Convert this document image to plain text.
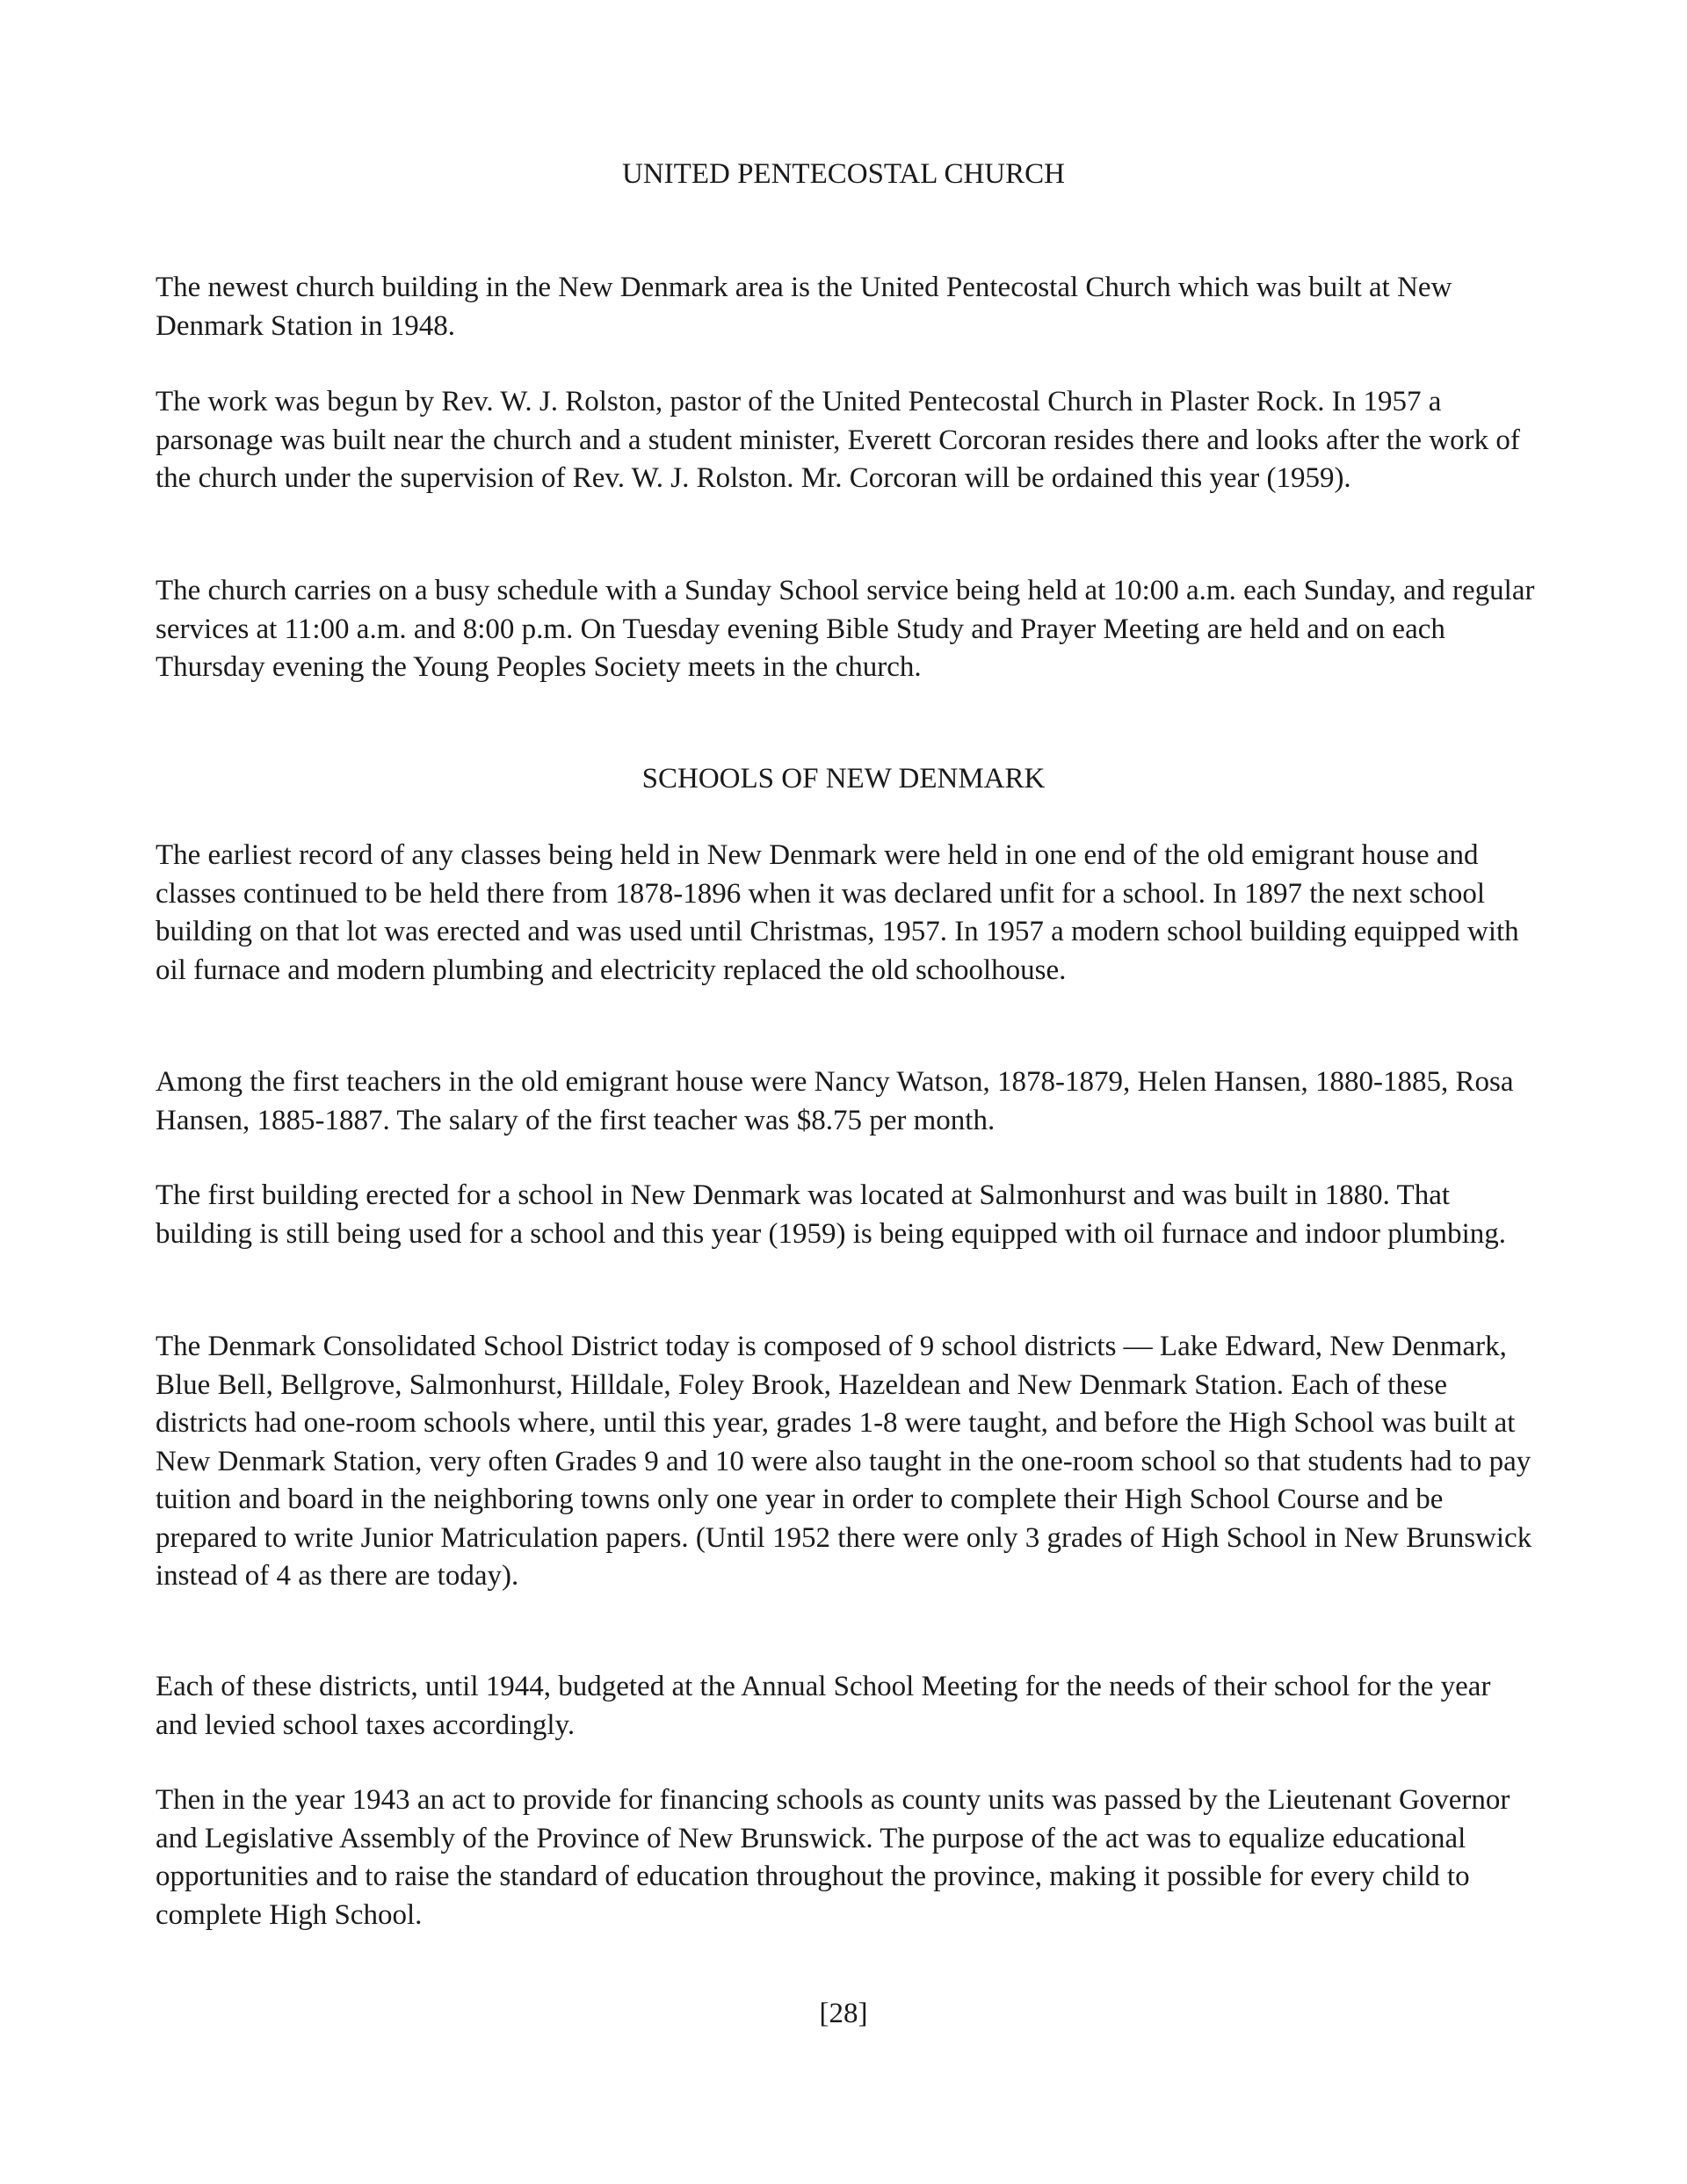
UNITED PENTECOSTAL CHURCH

The newest church building in the New Denmark area is the United Pentecostal Church which was built at New Denmark Station in 1948.

The work was begun by Rev. W. J. Rolston, pastor of the United Pentecostal Church in Plaster Rock. In 1957 a parsonage was built near the church and a student minister, Everett Corcoran resides there and looks after the work of the church under the supervision of Rev. W. J. Rolston. Mr. Corcoran will be ordained this year (1959).

The church carries on a busy schedule with a Sunday School service being held at 10:00 a.m. each Sunday, and regular services at 11:00 a.m. and 8:00 p.m. On Tuesday evening Bible Study and Prayer Meeting are held and on each Thursday evening the Young Peoples Society meets in the church.

SCHOOLS OF NEW DENMARK

The earliest record of any classes being held in New Denmark were held in one end of the old emigrant house and classes continued to be held there from 1878-1896 when it was declared unfit for a school. In 1897 the next school building on that lot was erected and was used until Christmas, 1957. In 1957 a modern school building equipped with oil furnace and modern plumbing and electricity replaced the old schoolhouse.

Among the first teachers in the old emigrant house were Nancy Watson, 1878-1879, Helen Hansen, 1880-1885, Rosa Hansen, 1885-1887. The salary of the first teacher was $8.75 per month.

The first building erected for a school in New Denmark was located at Salmonhurst and was built in 1880. That building is still being used for a school and this year (1959) is being equipped with oil furnace and indoor plumbing.

The Denmark Consolidated School District today is composed of 9 school districts — Lake Edward, New Denmark, Blue Bell, Bellgrove, Salmonhurst, Hilldale, Foley Brook, Hazeldean and New Denmark Station. Each of these districts had one-room schools where, until this year, grades 1-8 were taught, and before the High School was built at New Denmark Station, very often Grades 9 and 10 were also taught in the one-room school so that students had to pay tuition and board in the neighboring towns only one year in order to complete their High School Course and be prepared to write Junior Matriculation papers. (Until 1952 there were only 3 grades of High School in New Brunswick instead of 4 as there are today).

Each of these districts, until 1944, budgeted at the Annual School Meeting for the needs of their school for the year and levied school taxes accordingly.

Then in the year 1943 an act to provide for financing schools as county units was passed by the Lieutenant Governor and Legislative Assembly of the Province of New Brunswick. The purpose of the act was to equalize educational opportunities and to raise the standard of education throughout the province, making it possible for every child to complete High School.

[28]
